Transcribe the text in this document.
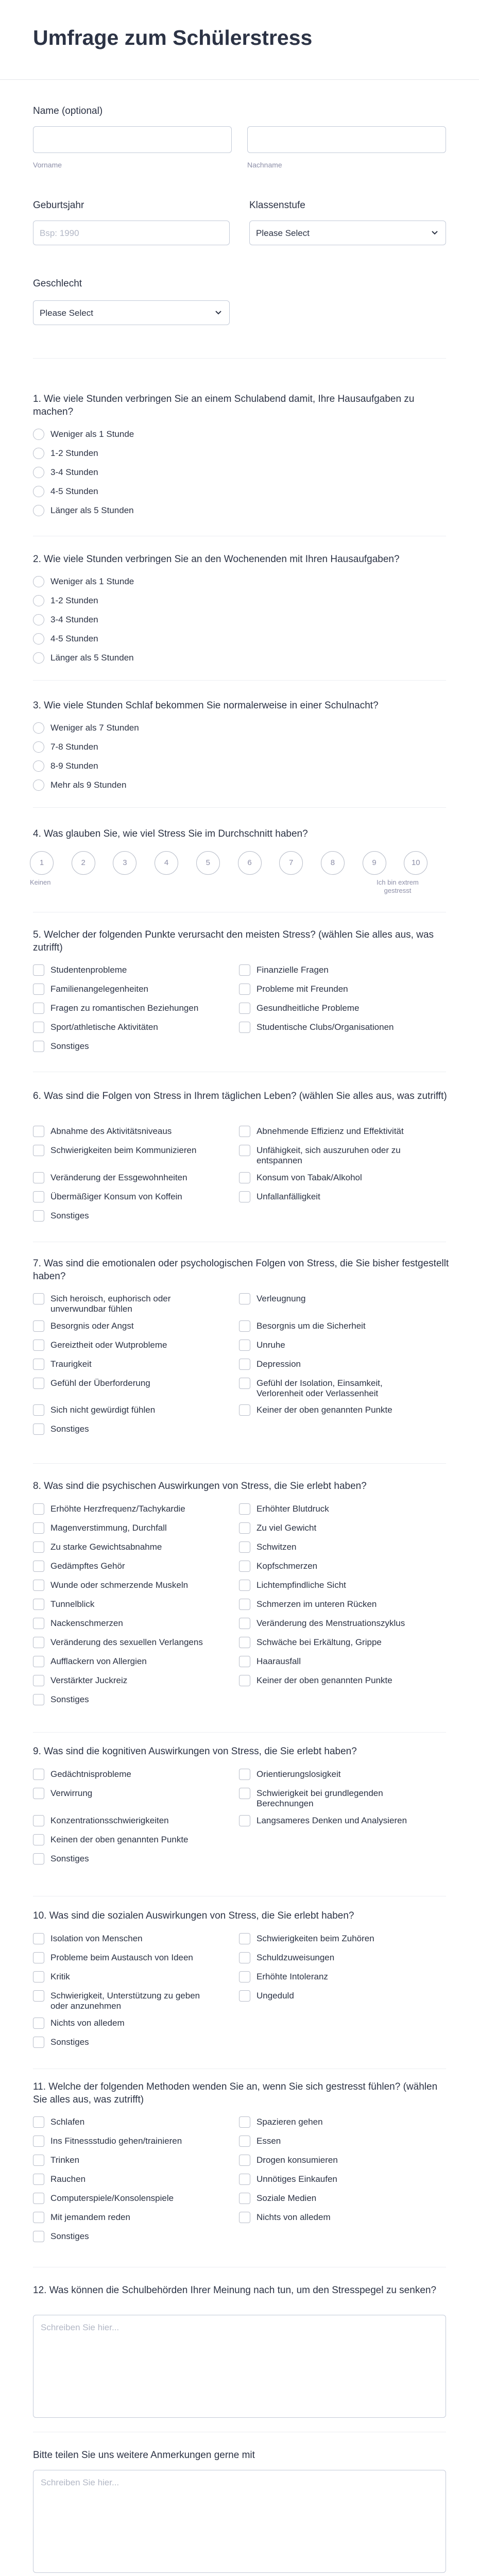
Umfrage zum Schülerstress
Name (optional)
Vorname	Nachname
Geburtsjahr
Bsp: 1990
Klassenstufe
Please Select
Geschlecht
Please Select
1. Wie viele Stunden verbringen Sie an einem Schulabend damit, Ihre Hausaufgaben zu machen?
Weniger als 1 Stunde
1-2 Stunden
3-4 Stunden
4-5 Stunden
Länger als 5 Stunden
2. Wie viele Stunden verbringen Sie an den Wochenenden mit Ihren Hausaufgaben?
Weniger als 1 Stunde
1-2 Stunden
3-4 Stunden
4-5 Stunden
Länger als 5 Stunden
3. Wie viele Stunden Schlaf bekommen Sie normalerweise in einer Schulnacht?
Weniger als 7 Stunden
7-8 Stunden
8-9 Stunden
Mehr als 9 Stunden
4. Was glauben Sie, wie viel Stress Sie im Durchschnitt haben?
1	2	3	4	5	6	7	8	9	10
Keinen	Ich bin extrem
gestresst
5. Welcher der folgenden Punkte verursacht den meisten Stress? (wählen Sie alles aus, was zutrifft)
Studentenprobleme
Familienangelegenheiten
Fragen zu romantischen Beziehungen
Sport/athletische Aktivitäten
Sonstiges
Finanzielle Fragen
Probleme mit Freunden
Gesundheitliche Probleme
Studentische Clubs/Organisationen
6. Was sind die Folgen von Stress in Ihrem täglichen Leben? (wählen Sie alles aus, was zutrifft)
Abnahme des Aktivitätsniveaus
Schwierigkeiten beim Kommunizieren
Veränderung der Essgewohnheiten
Übermäßiger Konsum von Koffein
Sonstiges
Abnehmende Effizienz und Effektivität
Unfähigkeit, sich auszuruhen oder zu
entspannen
Konsum von Tabak/Alkohol
Unfallanfälligkeit
7. Was sind die emotionalen oder psychologischen Folgen von Stress, die Sie bisher festgestellt haben?
Sich heroisch, euphorisch oder
unverwundbar fühlen
Besorgnis oder Angst
Gereiztheit oder Wutprobleme
Traurigkeit
Gefühl der Überforderung
Sich nicht gewürdigt fühlen
Sonstiges
Verleugnung
Besorgnis um die Sicherheit
Unruhe
Depression
Gefühl der Isolation, Einsamkeit,
Verlorenheit oder Verlassenheit
Keiner der oben genannten Punkte
8. Was sind die psychischen Auswirkungen von Stress, die Sie erlebt haben?
Erhöhte Herzfrequenz/Tachykardie
Magenverstimmung, Durchfall
Zu starke Gewichtsabnahme
Gedämpftes Gehör
Wunde oder schmerzende Muskeln
Tunnelblick
Nackenschmerzen
Veränderung des sexuellen Verlangens
Aufflackern von Allergien
Verstärkter Juckreiz
Sonstiges
Erhöhter Blutdruck
Zu viel Gewicht
Schwitzen
Kopfschmerzen
Lichtempfindliche Sicht
Schmerzen im unteren Rücken
Veränderung des Menstruationszyklus
Schwäche bei Erkältung, Grippe
Haarausfall
Keiner der oben genannten Punkte
9. Was sind die kognitiven Auswirkungen von Stress, die Sie erlebt haben?
Gedächtnisprobleme
Verwirrung
Konzentrationsschwierigkeiten
Keinen der oben genannten Punkte
Sonstiges
Orientierungslosigkeit
Schwierigkeit bei grundlegenden
Berechnungen
Langsameres Denken und Analysieren
10. Was sind die sozialen Auswirkungen von Stress, die Sie erlebt haben?
Isolation von Menschen
Probleme beim Austausch von Ideen
Kritik
Schwierigkeit, Unterstützung zu geben
oder anzunehmen
Nichts von alledem
Sonstiges
Schwierigkeiten beim Zuhören
Schuldzuweisungen
Erhöhte Intoleranz
Ungeduld
11. Welche der folgenden Methoden wenden Sie an, wenn Sie sich gestresst fühlen? (wählen Sie alles aus, was zutrifft)
Schlafen
Ins Fitnessstudio gehen/trainieren
Trinken
Rauchen
Computerspiele/Konsolenspiele
Mit jemandem reden
Sonstiges
Spazieren gehen
Essen
Drogen konsumieren
Unnötiges Einkaufen
Soziale Medien
Nichts von alledem
12. Was können die Schulbehörden Ihrer Meinung nach tun, um den Stresspegel zu senken?
Schreiben Sie hier...
Bitte teilen Sie uns weitere Anmerkungen gerne mit
Schreiben Sie hier...
